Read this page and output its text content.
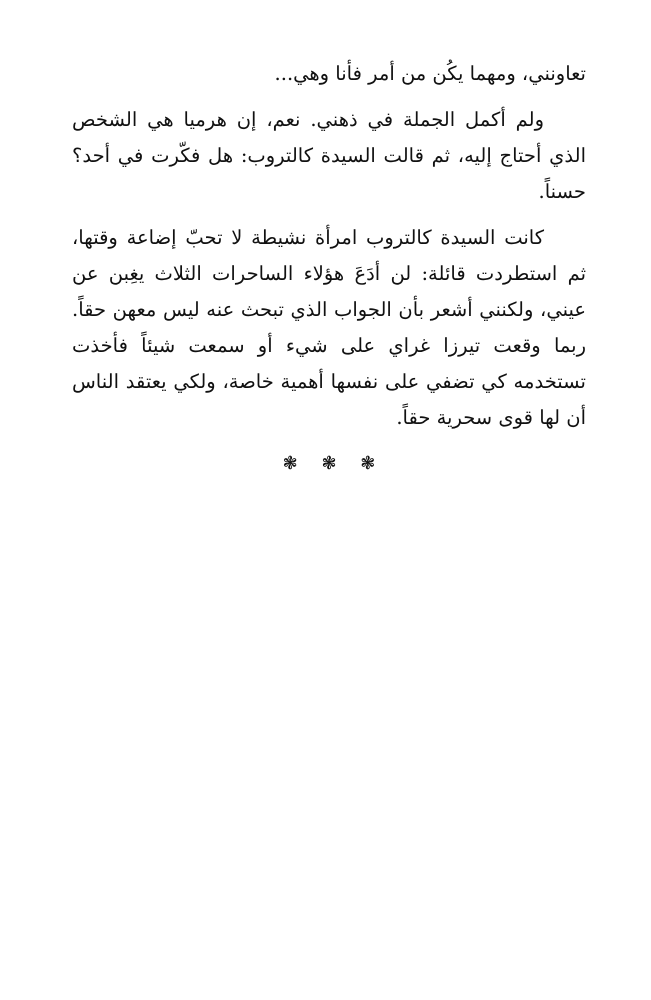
تعاونني، ومهما يكُن من أمر فأنا وهي...

ولم أكمل الجملة في ذهني. نعم، إن هرميا هي الشخص الذي أحتاج إليه، ثم قالت السيدة كالتروب: هل فكّرت في أحد؟ حسناً.

كانت السيدة كالتروب امرأة نشيطة لا تحبّ إضاعة وقتها، ثم استطردت قائلة: لن أدَعَ هؤلاء الساحرات الثلاث يغِبن عن عيني، ولكنني أشعر بأن الجواب الذي تبحث عنه ليس معهن حقاً. ربما وقعت تيرزا غراي على شيء أو سمعت شيئاً فأخذت تستخدمه كي تضفي على نفسها أهمية خاصة، ولكي يعتقد الناس أن لها قوى سحرية حقاً.

❃ ❃ ❃
